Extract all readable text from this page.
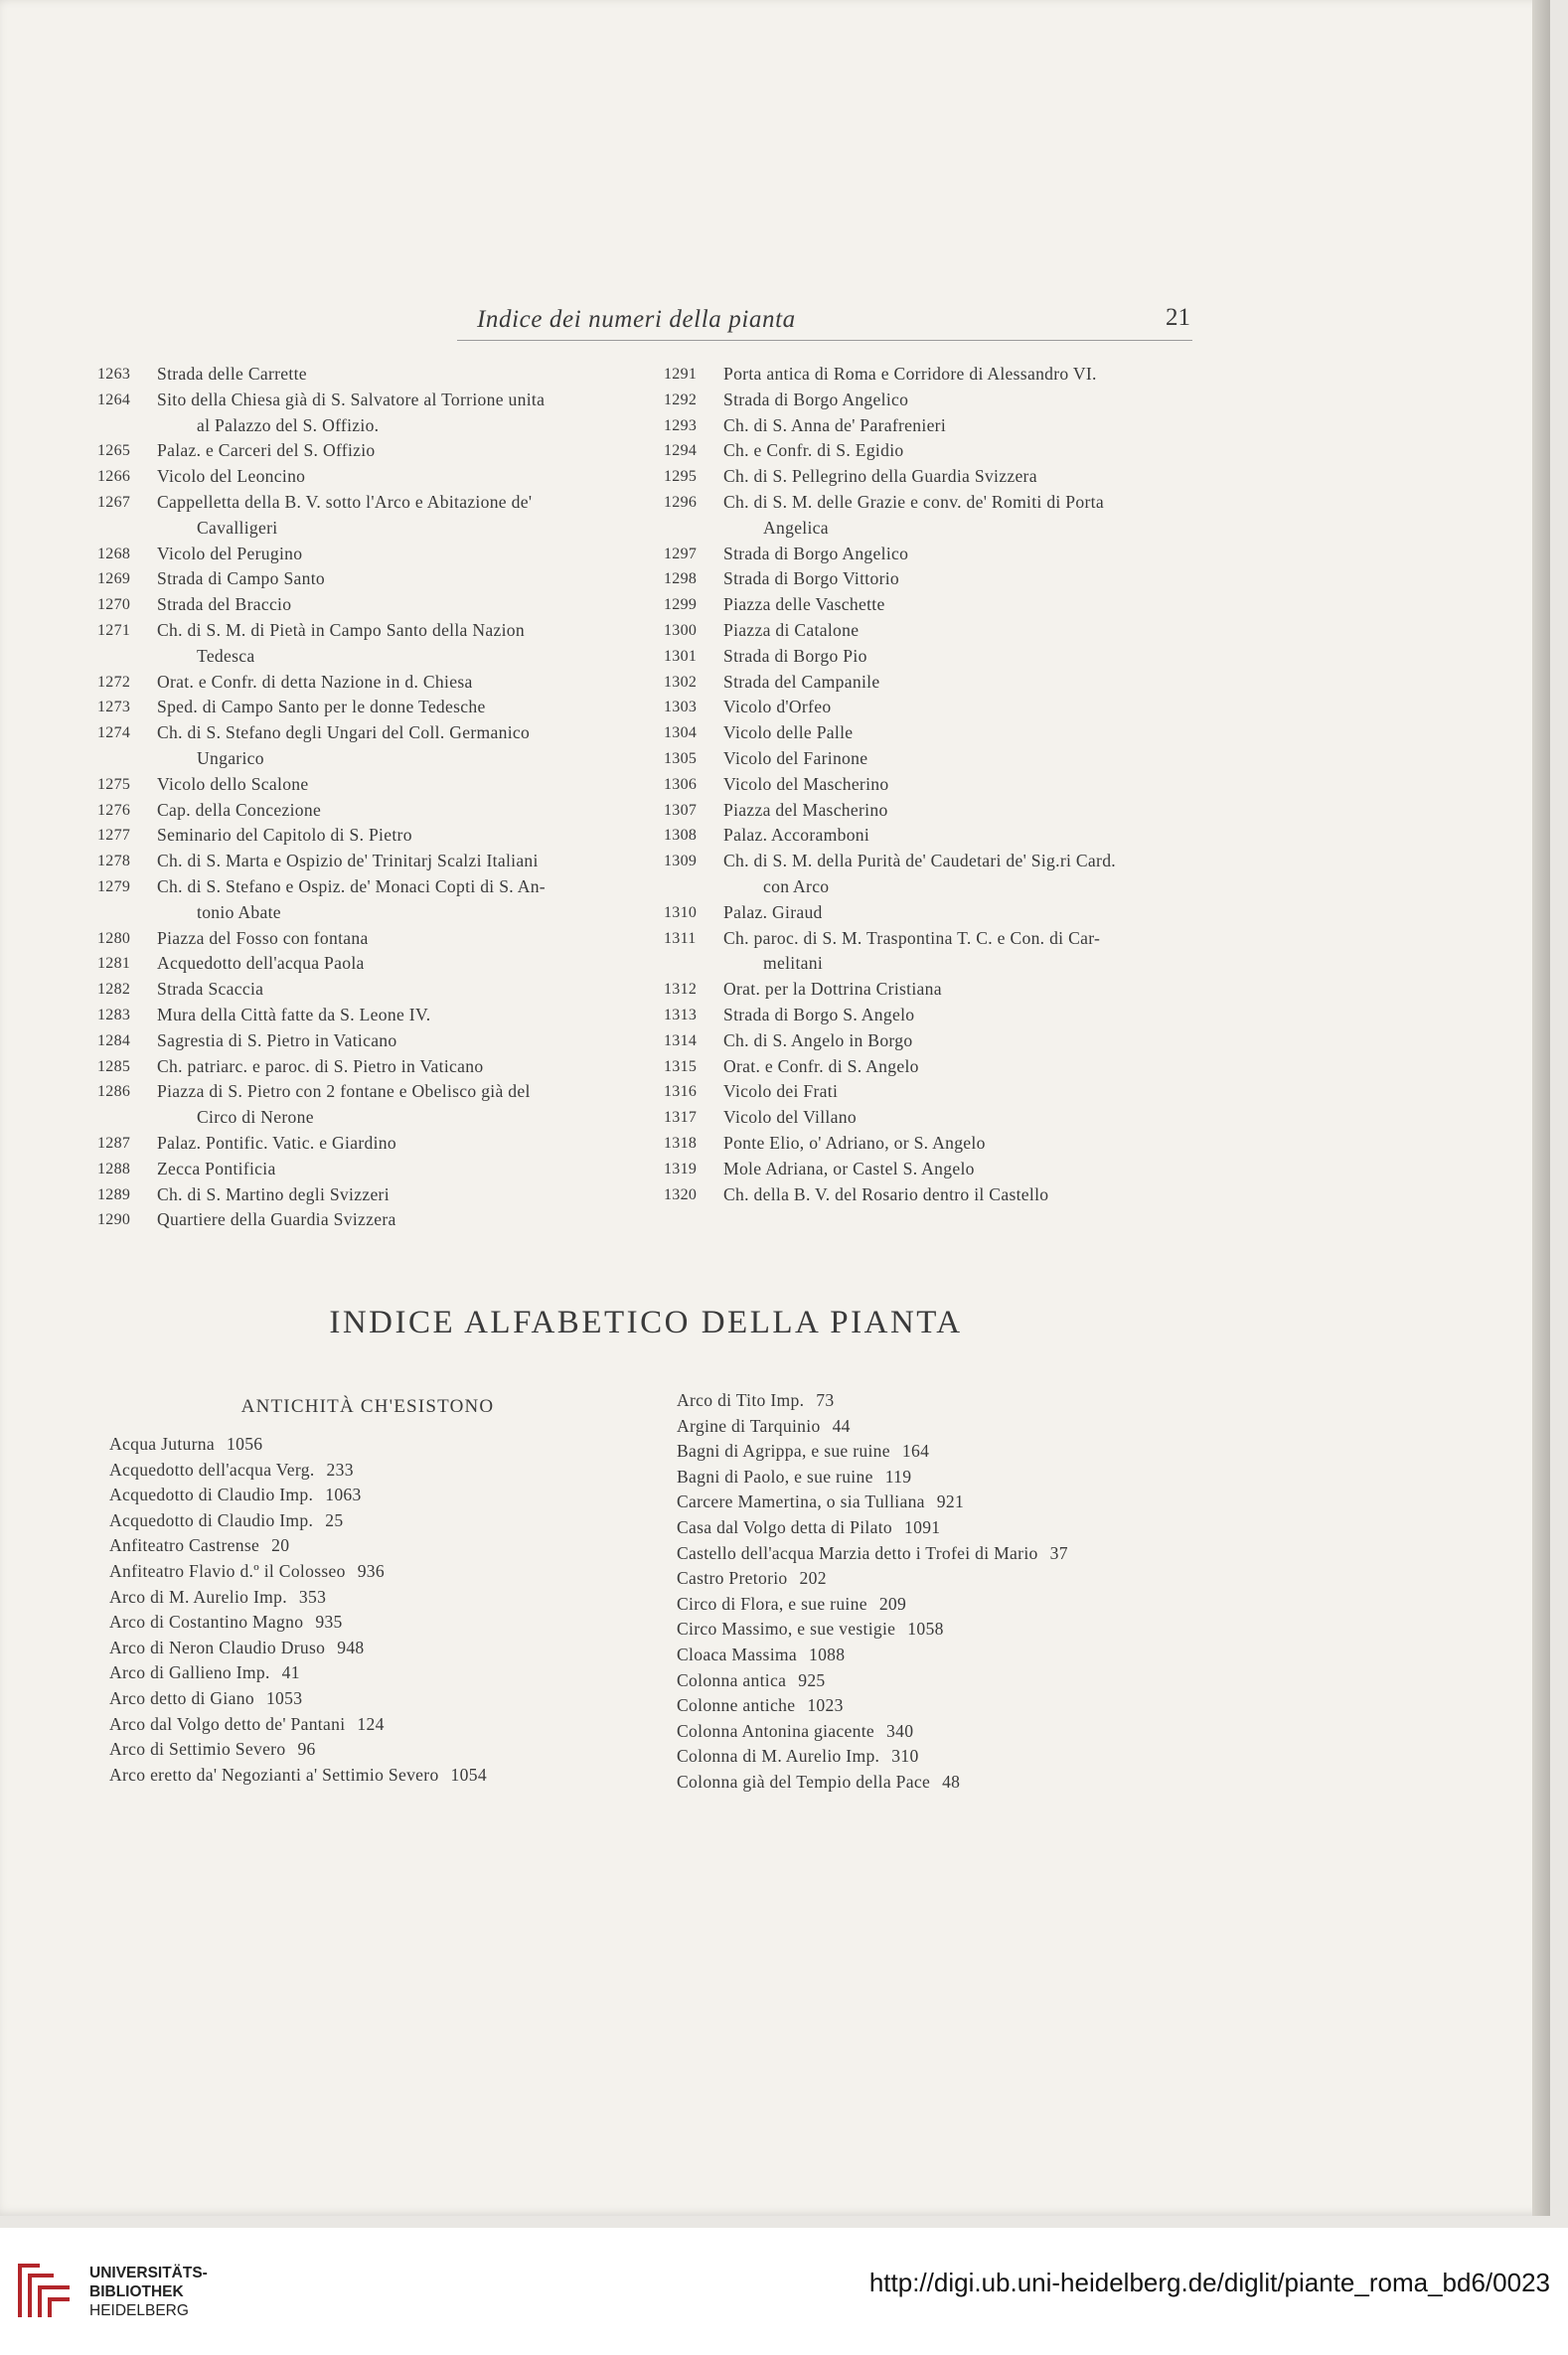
Indice dei numeri della pianta	21
1263	Strada delle Carrette
1264	Sito della Chiesa già di S. Salvatore al Torrione unita
al Palazzo del S. Offizio.
1265	Palaz. e Carceri del S. Offizio
1266	Vicolo del Leoncino
1267	Cappelletta della B. V. sotto l'Arco e Abitazione de'
Cavalligeri
1268	Vicolo del Perugino
1269	Strada di Campo Santo
1270	Strada del Braccio
1271	Ch. di S. M. di Pietà in Campo Santo della Nazion
Tedesca
1272	Orat. e Confr. di detta Nazione in d. Chiesa
1273	Sped. di Campo Santo per le donne Tedesche
1274	Ch. di S. Stefano degli Ungari del Coll. Germanico
Ungarico
1275	Vicolo dello Scalone
1276	Cap. della Concezione
1277	Seminario del Capitolo di S. Pietro
1278	Ch. di S. Marta e Ospizio de' Trinitarj Scalzi Italiani
1279	Ch. di S. Stefano e Ospiz. de' Monaci Copti di S. An-
tonio Abate
1280	Piazza del Fosso con fontana
1281	Acquedotto dell'acqua Paola
1282	Strada Scaccia
1283	Mura della Città fatte da S. Leone IV.
1284	Sagrestia di S. Pietro in Vaticano
1285	Ch. patriarc. e paroc. di S. Pietro in Vaticano
1286	Piazza di S. Pietro con 2 fontane e Obelisco già del
Circo di Nerone
1287	Palaz. Pontific. Vatic. e Giardino
1288	Zecca Pontificia
1289	Ch. di S. Martino degli Svizzeri
1290	Quartiere della Guardia Svizzera
1291	Porta antica di Roma e Corridore di Alessandro VI.
1292	Strada di Borgo Angelico
1293	Ch. di S. Anna de' Parafrenieri
1294	Ch. e Confr. di S. Egidio
1295	Ch. di S. Pellegrino della Guardia Svizzera
1296	Ch. di S. M. delle Grazie e conv. de' Romiti di Porta
Angelica
1297	Strada di Borgo Angelico
1298	Strada di Borgo Vittorio
1299	Piazza delle Vaschette
1300	Piazza di Catalone
1301	Strada di Borgo Pio
1302	Strada del Campanile
1303	Vicolo d'Orfeo
1304	Vicolo delle Palle
1305	Vicolo del Farinone
1306	Vicolo del Mascherino
1307	Piazza del Mascherino
1308	Palaz. Accoramboni
1309	Ch. di S. M. della Purità de' Caudetari de' Sig.ri Card.
con Arco
1310	Palaz. Giraud
1311	Ch. paroc. di S. M. Traspontina T. C. e Con. di Car-
melitani
1312	Orat. per la Dottrina Cristiana
1313	Strada di Borgo S. Angelo
1314	Ch. di S. Angelo in Borgo
1315	Orat. e Confr. di S. Angelo
1316	Vicolo dei Frati
1317	Vicolo del Villano
1318	Ponte Elio, o' Adriano, or S. Angelo
1319	Mole Adriana, or Castel S. Angelo
1320	Ch. della B. V. del Rosario dentro il Castello
INDICE ALFABETICO DELLA PIANTA
ANTICHITÀ CH'ESISTONO
Acqua Juturna 1056
Acquedotto dell'acqua Verg. 233
Acquedotto di Claudio Imp. 1063
Acquedotto di Claudio Imp. 25
Anfiteatro Castrense 20
Anfiteatro Flavio d.º il Colosseo 936
Arco di M. Aurelio Imp. 353
Arco di Costantino Magno 935
Arco di Neron Claudio Druso 948
Arco di Gallieno Imp. 41
Arco detto di Giano 1053
Arco dal Volgo detto de' Pantani 124
Arco di Settimio Severo 96
Arco eretto da' Negozianti a' Settimio Severo 1054
Arco di Tito Imp. 73
Argine di Tarquinio 44
Bagni di Agrippa, e sue ruine 164
Bagni di Paolo, e sue ruine 119
Carcere Mamertina, o sia Tulliana 921
Casa dal Volgo detta di Pilato 1091
Castello dell'acqua Marzia detto i Trofei di Mario 37
Castro Pretorio 202
Circo di Flora, e sue ruine 209
Circo Massimo, e sue vestigie 1058
Cloaca Massima 1088
Colonna antica 925
Colonne antiche 1023
Colonna Antonina giacente 340
Colonna di M. Aurelio Imp. 310
Colonna già del Tempio della Pace 48
UNIVERSITÄTS-
BIBLIOTHEK
HEIDELBERG
http://digi.ub.uni-heidelberg.de/diglit/piante_roma_bd6/0023
